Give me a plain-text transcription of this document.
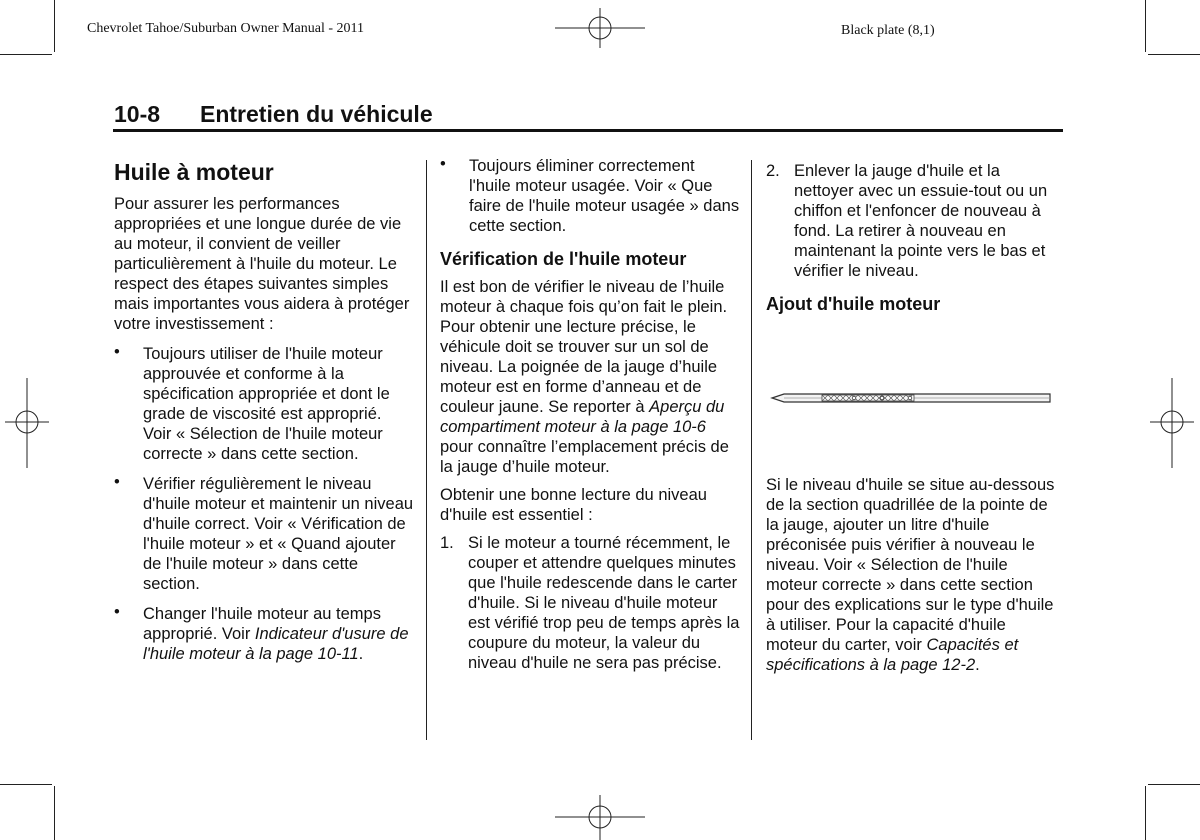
Chevrolet Tahoe/Suburban Owner Manual - 2011	Black plate (8,1)
10-8 Entretien du véhicule
Huile à moteur

Pour assurer les performances appropriées et une longue durée de vie au moteur, il convient de veiller particulièrement à l'huile du moteur. Le respect des étapes suivantes simples mais importantes vous aidera à protéger votre investissement :

• Toujours utiliser de l'huile moteur approuvée et conforme à la spécification appropriée et dont le grade de viscosité est approprié. Voir « Sélection de l'huile moteur correcte » dans cette section.
• Vérifier régulièrement le niveau d'huile moteur et maintenir un niveau d'huile correct. Voir « Vérification de l'huile moteur » et « Quand ajouter de l'huile moteur » dans cette section.
• Changer l'huile moteur au temps approprié. Voir Indicateur d'usure de l'huile moteur à la page 10-11.
• Toujours éliminer correctement l'huile moteur usagée. Voir « Que faire de l'huile moteur usagée » dans cette section.
Vérification de l'huile moteur

Il est bon de vérifier le niveau de l’huile moteur à chaque fois qu’on fait le plein. Pour obtenir une lecture précise, le véhicule doit se trouver sur un sol de niveau. La poignée de la jauge d’huile moteur est en forme d’anneau et de couleur jaune. Se reporter à Aperçu du compartiment moteur à la page 10-6 pour connaître l’emplacement précis de la jauge d’huile moteur.

Obtenir une bonne lecture du niveau d'huile est essentiel :

1. Si le moteur a tourné récemment, le couper et attendre quelques minutes que l'huile redescende dans le carter d'huile. Si le niveau d'huile moteur est vérifié trop peu de temps après la coupure du moteur, la valeur du niveau d'huile ne sera pas précise.
2. Enlever la jauge d'huile et la nettoyer avec un essuie-tout ou un chiffon et l'enfoncer de nouveau à fond. La retirer à nouveau en maintenant la pointe vers le bas et vérifier le niveau.
Ajout d'huile moteur

Si le niveau d'huile se situe au-dessous de la section quadrillée de la pointe de la jauge, ajouter un litre d'huile préconisée puis vérifier à nouveau le niveau. Voir « Sélection de l'huile moteur correcte » dans cette section pour des explications sur le type d'huile à utiliser. Pour la capacité d'huile moteur du carter, voir Capacités et spécifications à la page 12-2.
